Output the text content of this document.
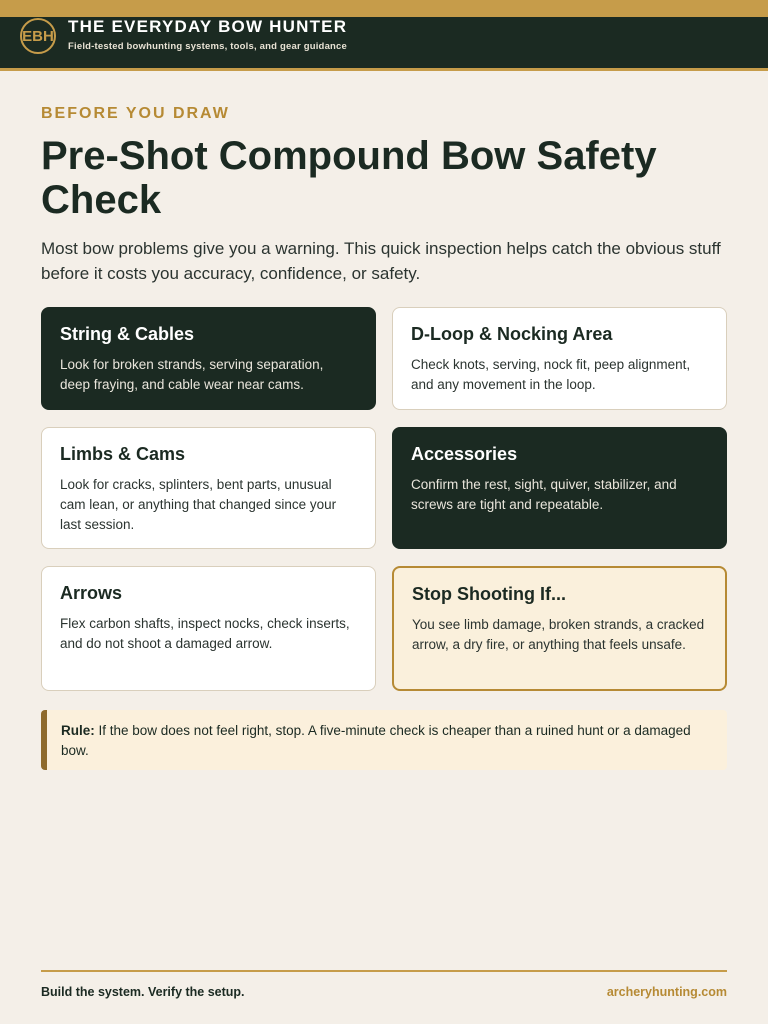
EBH THE EVERYDAY BOW HUNTER
Field-tested bowhunting systems, tools, and gear guidance
BEFORE YOU DRAW
Pre-Shot Compound Bow Safety Check

Most bow problems give you a warning. This quick inspection helps catch the obvious stuff before it costs you accuracy, confidence, or safety.

String & Cables

Look for broken strands, serving separation, deep fraying, and cable wear near cams.

D-Loop & Nocking Area

Check knots, serving, nock fit, peep alignment, and any movement in the loop.

Limbs & Cams

Look for cracks, splinters, bent parts, unusual cam lean, or anything that changed since your last session.

Accessories

Confirm the rest, sight, quiver, stabilizer, and screws are tight and repeatable.

Arrows

Flex carbon shafts, inspect nocks, check inserts, and do not shoot a damaged arrow.

Stop Shooting If...

You see limb damage, broken strands, a cracked arrow, a dry fire, or anything that feels unsafe.

Rule: If the bow does not feel right, stop. A five-minute check is cheaper than a ruined hunt or a damaged bow.
Build the system. Verify the setup.	archeryhunting.com
